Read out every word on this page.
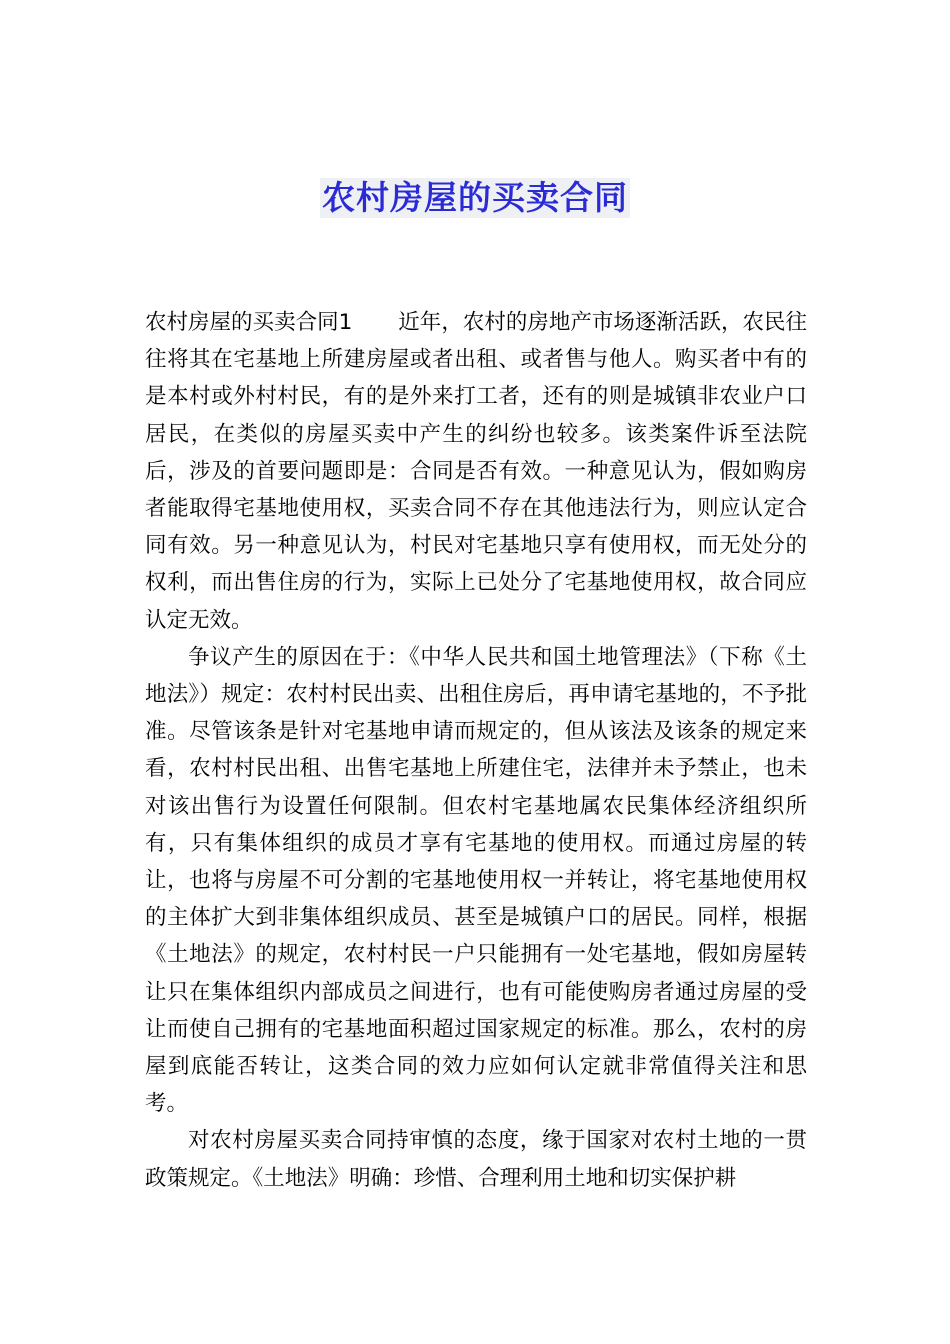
农村房屋的买卖合同

农村房屋的买卖合同1 近年，农村的房地产市场逐渐活跃，农民往往将其在宅基地上所建房屋或者出租、或者售与他人。购买者中有的是本村或外村村民，有的是外来打工者，还有的则是城镇非农业户口居民，在类似的房屋买卖中产生的纠纷也较多。该类案件诉至法院后，涉及的首要问题即是：合同是否有效。一种意见认为，假如购房者能取得宅基地使用权，买卖合同不存在其他违法行为，则应认定合同有效。另一种意见认为，村民对宅基地只享有使用权，而无处分的权利，而出售住房的行为，实际上已处分了宅基地使用权，故合同应认定无效。

争议产生的原因在于：《中华人民共和国土地管理法》（下称《土地法》）规定：农村村民出卖、出租住房后，再申请宅基地的，不予批准。尽管该条是针对宅基地申请而规定的，但从该法及该条的规定来看，农村村民出租、出售宅基地上所建住宅，法律并未予禁止，也未对该出售行为设置任何限制。但农村宅基地属农民集体经济组织所有，只有集体组织的成员才享有宅基地的使用权。而通过房屋的转让，也将与房屋不可分割的宅基地使用权一并转让，将宅基地使用权的主体扩大到非集体组织成员、甚至是城镇户口的居民。同样，根据《土地法》的规定，农村村民一户只能拥有一处宅基地，假如房屋转让只在集体组织内部成员之间进行，也有可能使购房者通过房屋的受让而使自己拥有的宅基地面积超过国家规定的标准。那么，农村的房屋到底能否转让，这类合同的效力应如何认定就非常值得关注和思考。

对农村房屋买卖合同持审慎的态度，缘于国家对农村土地的一贯政策规定。《土地法》明确：珍惜、合理利用土地和切实保护耕
